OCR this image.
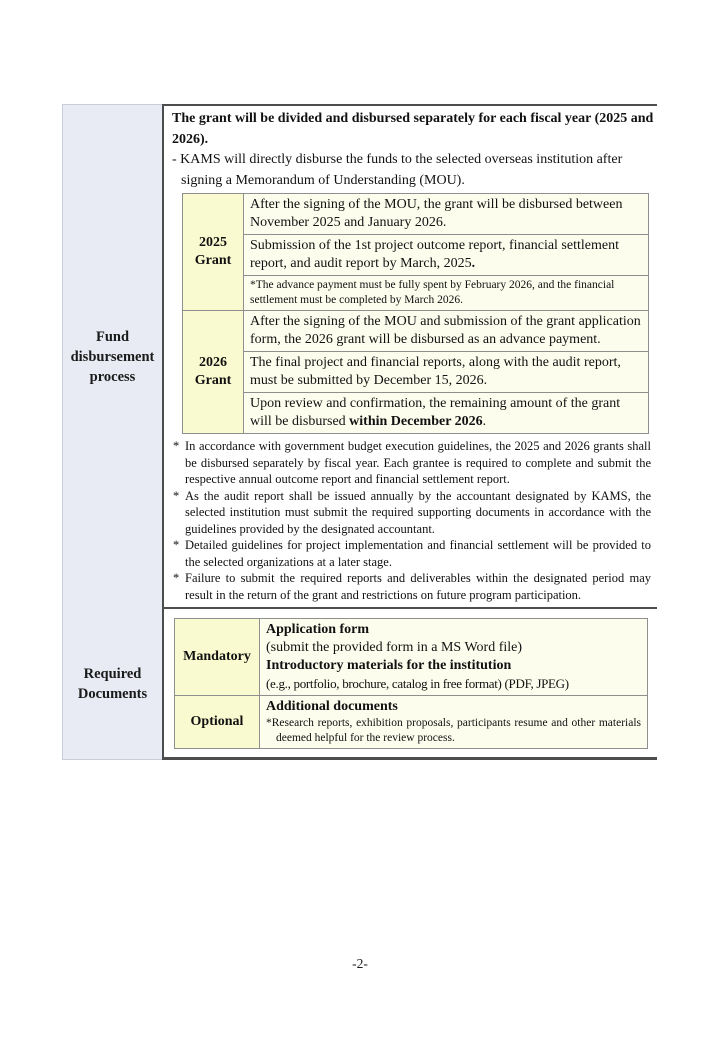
Fund
disbursement
process
The grant will be divided and disbursed separately for each fiscal year (2025 and 2026).
- KAMS will directly disburse the funds to the selected overseas institution after signing a Memorandum of Understanding (MOU).
2025
Grant	After the signing of the MOU, the grant will be disbursed between November 2025 and January 2026.
	Submission of the 1st project outcome report, financial settlement report, and audit report by March, 2025.
	*The advance payment must be fully spent by February 2026, and the financial settlement must be completed by March 2026.

2026
Grant	After the signing of the MOU and submission of the grant application form, the 2026 grant will be disbursed as an advance payment.
	The final project and financial reports, along with the audit report, must be submitted by December 15, 2026.
	Upon review and confirmation, the remaining amount of the grant will be disbursed within December 2026.
* In accordance with government budget execution guidelines, the 2025 and 2026 grants shall be disbursed separately by fiscal year. Each grantee is required to complete and submit the respective annual outcome report and financial settlement report.
* As the audit report shall be issued annually by the accountant designated by KAMS, the selected institution must submit the required supporting documents in accordance with the guidelines provided by the designated accountant.
* Detailed guidelines for project implementation and financial settlement will be provided to the selected organizations at a later stage.
* Failure to submit the required reports and deliverables within the designated period may result in the return of the grant and restrictions on future program participation.
Required
Documents
Mandatory	Application form
(submit the provided form in a MS Word file)
Introductory materials for the institution
(e.g., portfolio, brochure, catalog in free format) (PDF, JPEG)

Optional	Additional documents
*Research reports, exhibition proposals, participants resume and other materials deemed helpful for the review process.
-2-
